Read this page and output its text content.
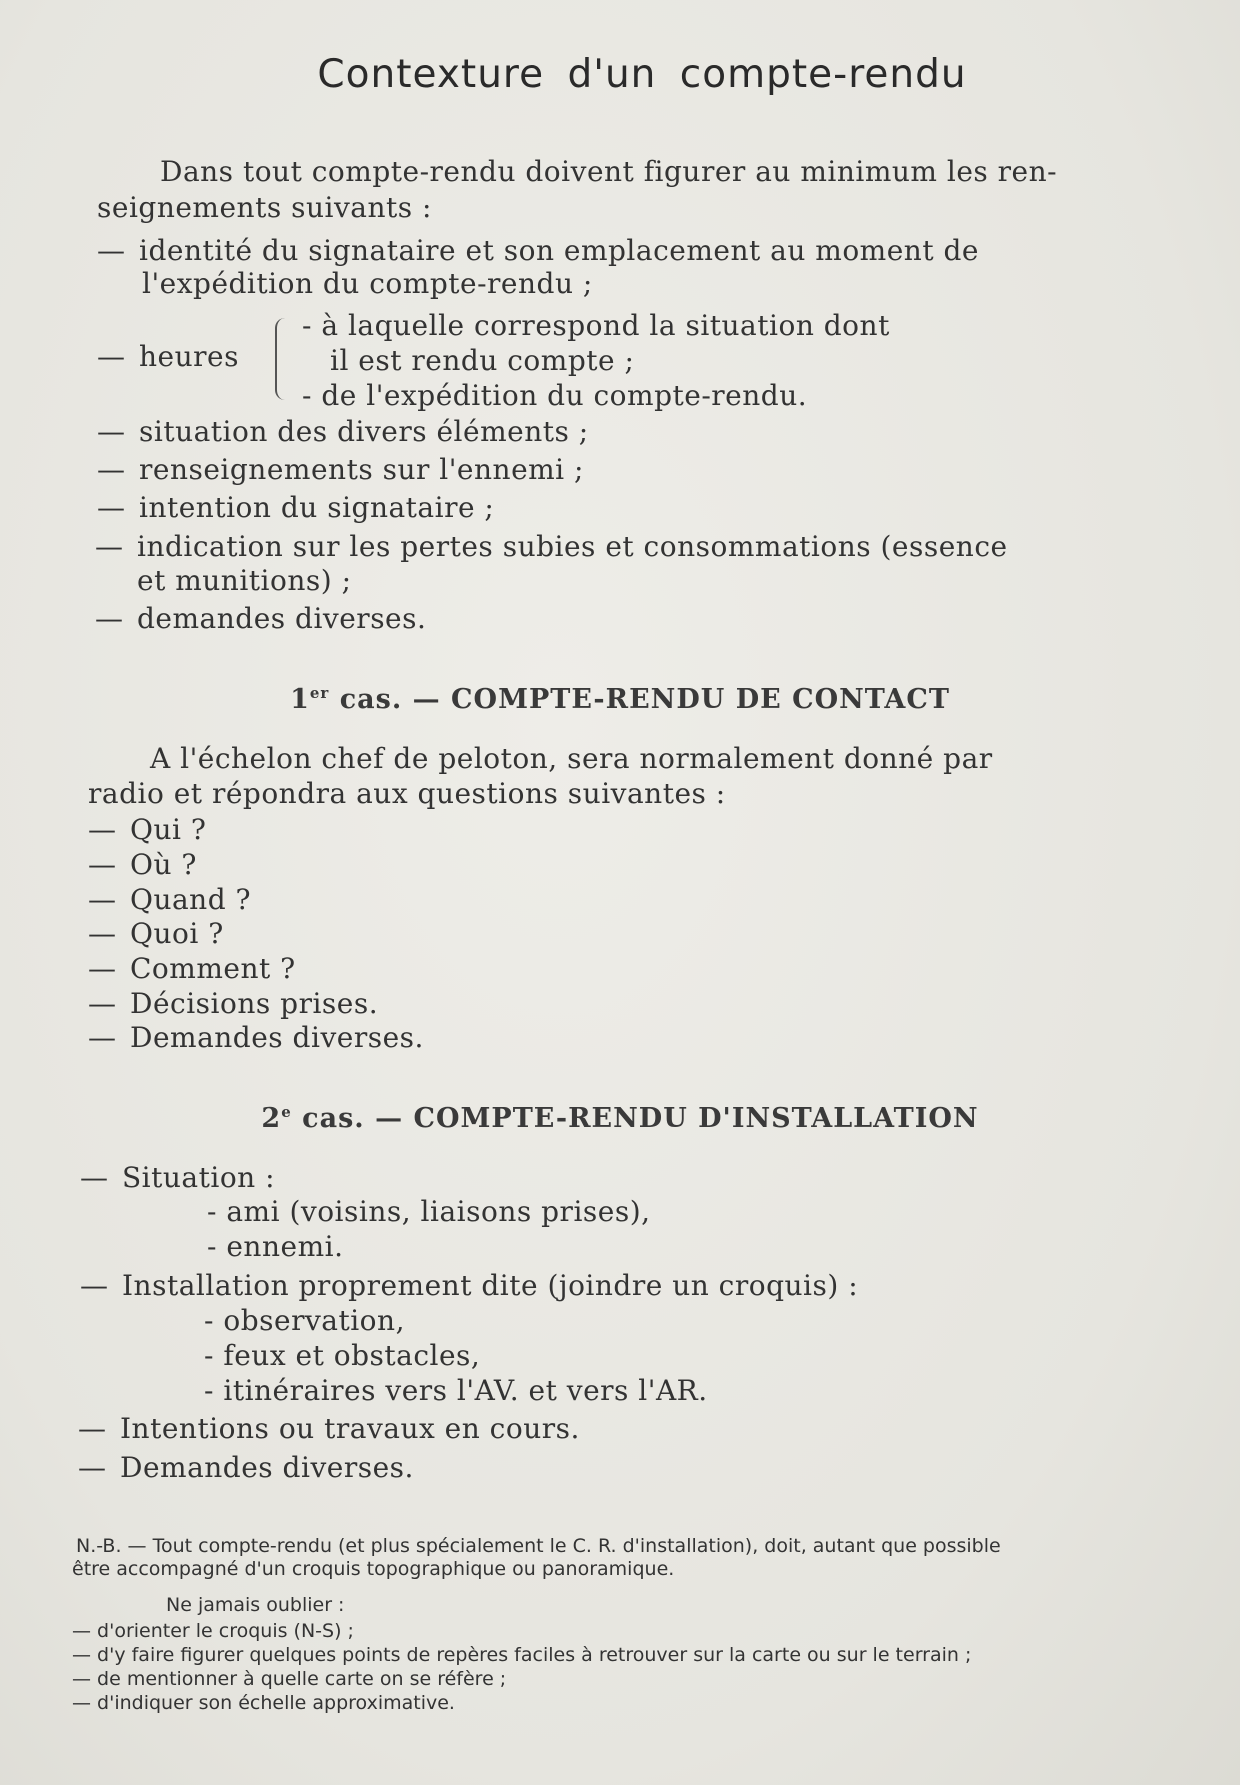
Contexture d'un compte-rendu
Dans tout compte-rendu doivent figurer au minimum les ren-
seignements suivants :
— identité du signataire et son emplacement au moment de
l'expédition du compte-rendu ;
— heures
- à laquelle correspond la situation dont
il est rendu compte ;
- de l'expédition du compte-rendu.
— situation des divers éléments ;
— renseignements sur l'ennemi ;
— intention du signataire ;
— indication sur les pertes subies et consommations (essence
et munitions) ;
— demandes diverses.
1er cas. — COMPTE-RENDU DE CONTACT
A l'échelon chef de peloton, sera normalement donné par
radio et répondra aux questions suivantes :
— Qui ?
— Où ?
— Quand ?
— Quoi ?
— Comment ?
— Décisions prises.
— Demandes diverses.
2e cas. — COMPTE-RENDU D'INSTALLATION
— Situation :
- ami (voisins, liaisons prises),
- ennemi.
— Installation proprement dite (joindre un croquis) :
- observation,
- feux et obstacles,
- itinéraires vers l'AV. et vers l'AR.
— Intentions ou travaux en cours.
— Demandes diverses.
N.-B. — Tout compte-rendu (et plus spécialement le C. R. d'installation), doit, autant que possible
être accompagné d'un croquis topographique ou panoramique.
Ne jamais oublier :
— d'orienter le croquis (N-S) ;
— d'y faire figurer quelques points de repères faciles à retrouver sur la carte ou sur le terrain ;
— de mentionner à quelle carte on se réfère ;
— d'indiquer son échelle approximative.
